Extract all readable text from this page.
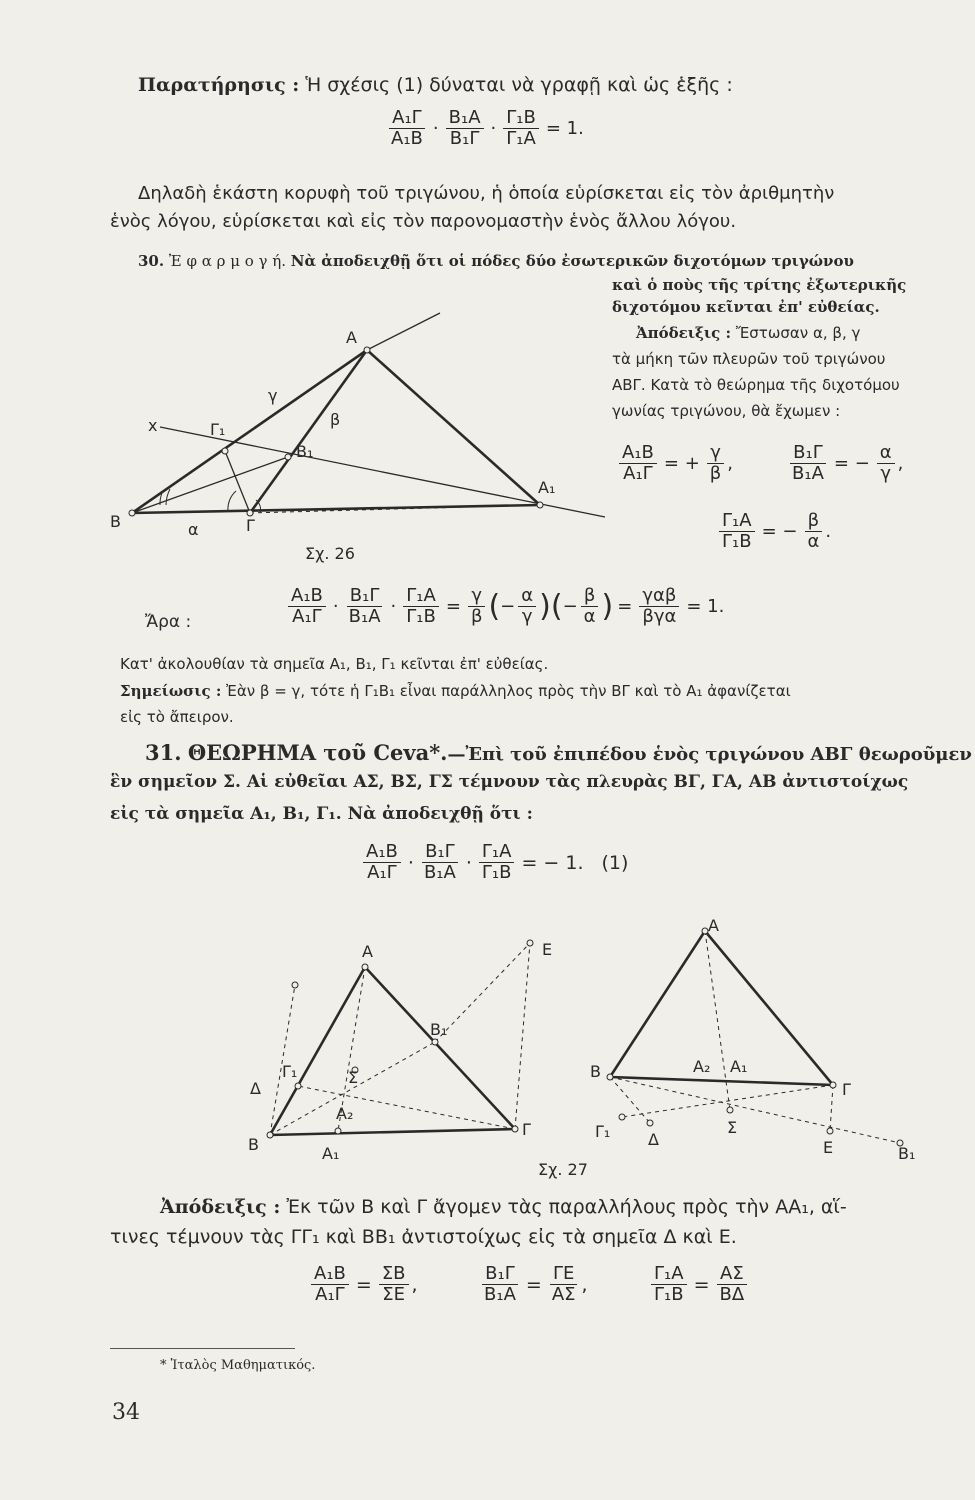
Παρατήρησις : Ἡ σχέσις (1) δύναται νὰ γραφῇ καὶ ὡς ἑξῆς :
$\frac{\text{Α₁Γ}}{\text{Α₁Β}} \cdot \frac{\text{Β₁Α}}{\text{Β₁Γ}} \cdot \frac{\text{Γ₁Β}}{\text{Γ₁Α}} = 1$.
Δηλαδὴ ἑκάστη κορυφὴ τοῦ τριγώνου, ἡ ὁποία εὑρίσκεται εἰς τὸν ἀριθμητὴν
ἑνὸς λόγου, εὑρίσκεται καὶ εἰς τὸν παρονομαστὴν ἑνὸς ἄλλου λόγου.
30. Ἐ φ α ρ μ ο γ ή. Νὰ ἀποδειχθῇ ὅτι οἱ πόδες δύο ἐσωτερικῶν διχοτόμων τριγώνου
καὶ ὁ ποὺς τῆς τρίτης ἐξωτερικῆς
διχοτόμου κεῖνται ἐπ' εὐθείας.
Ἀπόδειξις : Ἔστωσαν α, β, γ
τὰ μήκη τῶν πλευρῶν τοῦ τριγώνου
ΑΒΓ. Κατὰ τὸ θεώρημα τῆς διχοτόμου
γωνίας τριγώνου, θὰ ἔχωμεν :
$\frac{\text{Α₁Β}}{\text{Α₁Γ}}$ = + $\frac{\gamma}{\beta}$ ,	$\frac{\text{Β₁Γ}}{\text{Β₁Α}}$ = − $\frac{\alpha}{\gamma}$ ,
$\frac{\text{Γ₁Α}}{\text{Γ₁Β}}$ = − $\frac{\beta}{\alpha}$ .
Α
Β	Γ
Α₁
Β₁
Γ₁
x
α
β
γ
Σχ. 26
Ἄρα :	$\frac{\text{Α₁Β}}{\text{Α₁Γ}} \cdot \frac{\text{Β₁Γ}}{\text{Β₁Α}} \cdot \frac{\text{Γ₁Α}}{\text{Γ₁Β}} = \frac{\gamma}{\beta}$ ( − $\frac{\alpha}{\gamma}$ ) ( − $\frac{\beta}{\alpha}$ ) = $\frac{\text{γαβ}}{\text{βγα}} = 1$.
Κατ' ἀκολουθίαν τὰ σημεῖα Α₁, Β₁, Γ₁ κεῖνται ἐπ' εὐθείας.
Σημείωσις : Ἐὰν β = γ, τότε ἡ Γ₁Β₁ εἶναι παράλληλος πρὸς τὴν ΒΓ καὶ τὸ Α₁ ἀφανίζεται
εἰς τὸ ἄπειρον.
31. ΘΕΩΡΗΜΑ τοῦ Ceva*.—Ἐπὶ τοῦ ἐπιπέδου ἑνὸς τριγώνου ΑΒΓ θεωροῦμεν
ἓν σημεῖον Σ. Αἱ εὐθεῖαι ΑΣ, ΒΣ, ΓΣ τέμνουν τὰς πλευρὰς ΒΓ, ΓΑ, ΑΒ ἀντιστοίχως
εἰς τὰ σημεῖα Α₁, Β₁, Γ₁. Νὰ ἀποδειχθῇ ὅτι :
$\frac{\text{Α₁Β}}{\text{Α₁Γ}} \cdot \frac{\text{Β₁Γ}}{\text{Β₁Α}} \cdot \frac{\text{Γ₁Α}}{\text{Γ₁Β}}$ = − 1. (1)
Α
Β
Γ
Α₁
Α₂
Β₁
Γ₁	Σ
Δ
Ε
Α
Β
Γ
Α₂ Α₁
Σ
Γ₁ Δ	Ε	Β₁
Σχ. 27
Ἀπόδειξις : Ἐκ τῶν Β καὶ Γ ἄγομεν τὰς παραλλήλους πρὸς τὴν ΑΑ₁, αἵ-
τινες τέμνουν τὰς ΓΓ₁ καὶ ΒΒ₁ ἀντιστοίχως εἰς τὰ σημεῖα Δ καὶ Ε.
$\frac{\text{Α₁Β}}{\text{Α₁Γ}} = \frac{\Sigma B}{\Sigma E}$ ,	$\frac{\text{Β₁Γ}}{\text{Β₁Α}} = \frac{\Gamma E}{A\Sigma}$ ,	$\frac{\text{Γ₁Α}}{\text{Γ₁Β}} = \frac{A\Sigma}{B\Delta}$
* Ἰταλὸς Μαθηματικός.
34
